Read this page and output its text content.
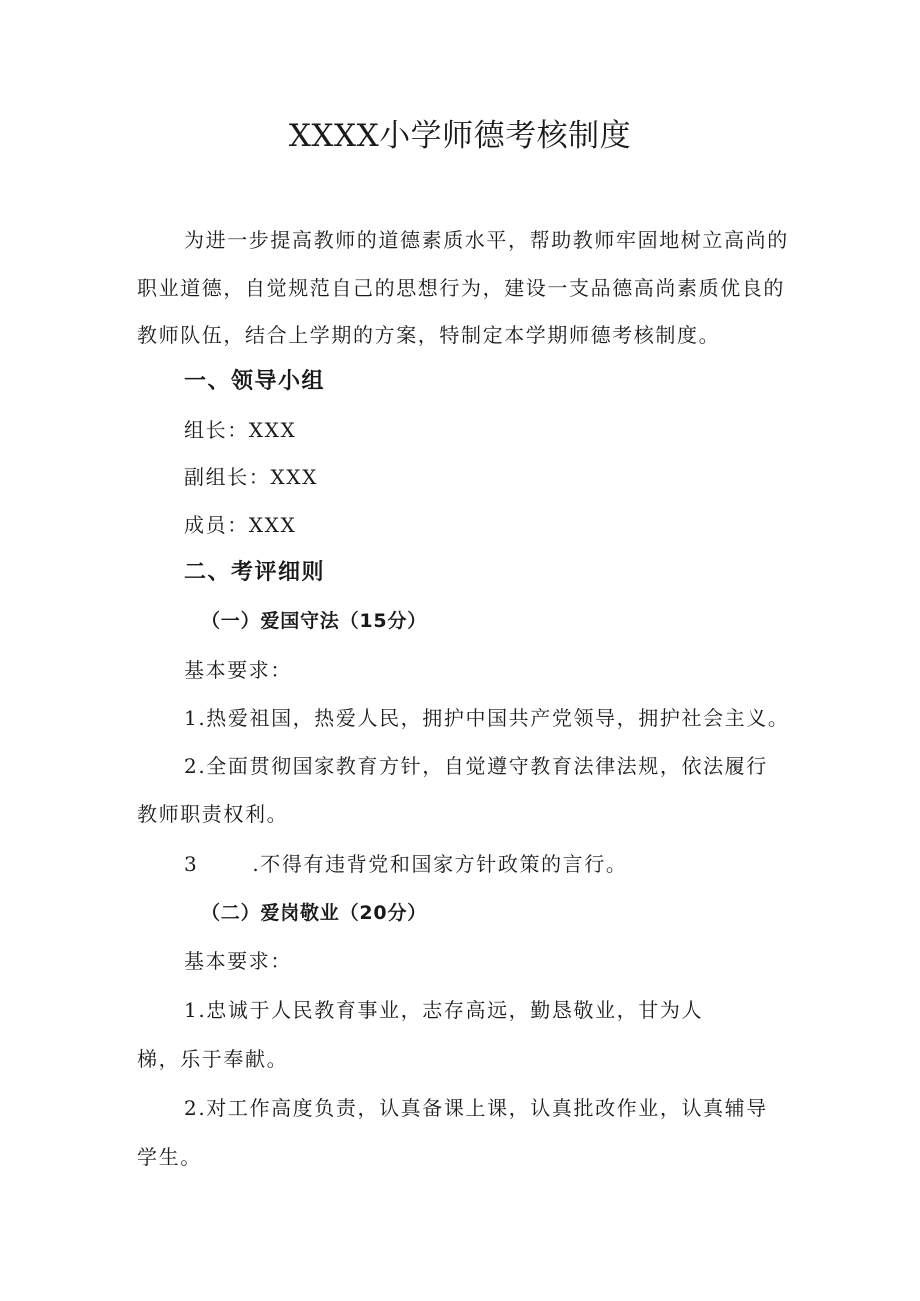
XXXX小学师德考核制度
为进一步提高教师的道德素质水平，帮助教师牢固地树立高尚的
职业道德，自觉规范自己的思想行为，建设一支品德高尚素质优良的
教师队伍，结合上学期的方案，特制定本学期师德考核制度。
一、领导小组
组长：XXX
副组长：XXX
成员：XXX
二、考评细则
（一）爱国守法（15分）
基本要求：
1.热爱祖国，热爱人民，拥护中国共产党领导，拥护社会主义。
2.全面贯彻国家教育方针，自觉遵守教育法律法规，依法履行
教师职责权利。
3	.不得有违背党和国家方针政策的言行。
（二）爱岗敬业（20分）
基本要求：
1.忠诚于人民教育事业，志存高远，勤恳敬业，甘为人
梯，乐于奉献。
2.对工作高度负责，认真备课上课，认真批改作业，认真辅导
学生。
